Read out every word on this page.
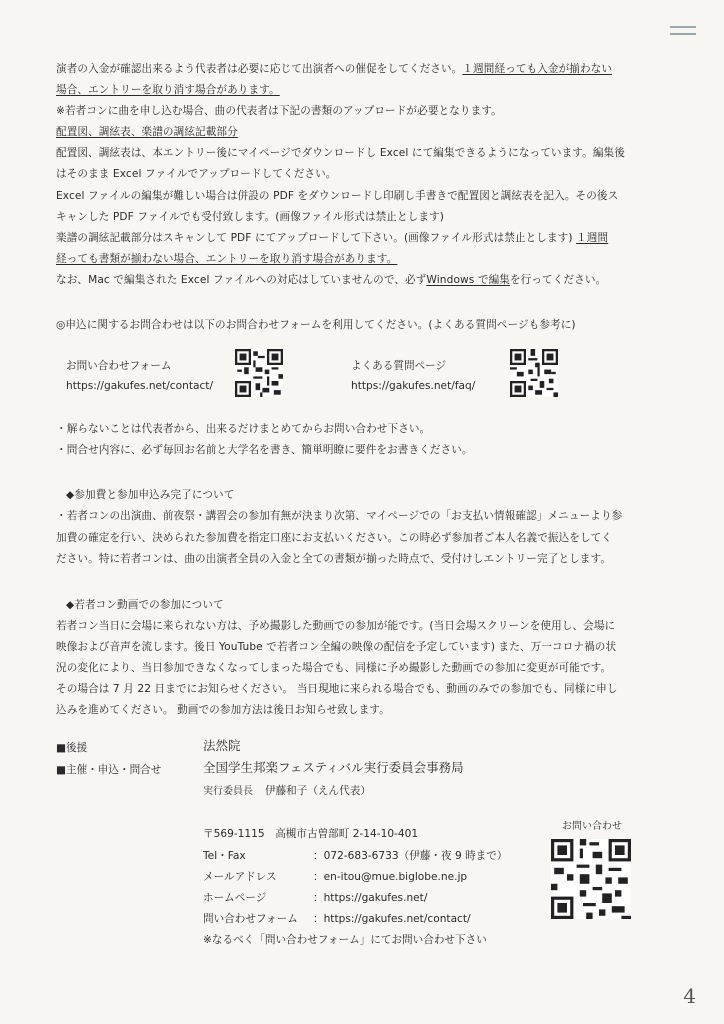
演者の入金が確認出来るよう代表者は必要に応じて出演者への催促をしてください。１週間経っても入金が揃わない
場合、エントリーを取り消す場合があります。
※若者コンに曲を申し込む場合、曲の代表者は下記の書類のアップロードが必要となります。
配置図、調絃表、楽譜の調絃記載部分
配置図、調絃表は、本エントリー後にマイページでダウンロードし Excel にて編集できるようになっています。編集後
はそのまま Excel ファイルでアップロードしてください。
Excel ファイルの編集が難しい場合は併設の PDF をダウンロードし印刷し手書きで配置図と調絃表を記入。その後ス
キャンした PDF ファイルでも受付致します。(画像ファイル形式は禁止とします)
楽譜の調絃記載部分はスキャンして PDF にてアップロードして下さい。(画像ファイル形式は禁止とします) １週間
経っても書類が揃わない場合、エントリーを取り消す場合があります。
なお、Mac で編集された Excel ファイルへの対応はしていませんので、必ずWindows で編集を行ってください。
◎申込に関するお問合わせは以下のお問合わせフォームを利用してください。(よくある質問ページも参考に)
お問い合わせフォーム
https://gakufes.net/contact/
よくある質問ページ
https://gakufes.net/faq/
・解らないことは代表者から、出来るだけまとめてからお問い合わせ下さい。
・問合せ内容に、必ず毎回お名前と大学名を書き、簡単明瞭に要件をお書きください。
◆参加費と参加申込み完了について
・若者コンの出演曲、前夜祭・講習会の参加有無が決まり次第、マイページでの「お支払い情報確認」メニューより参
加費の確定を行い、決められた参加費を指定口座にお支払いください。この時必ず参加者ご本人名義で振込をしてく
ださい。特に若者コンは、曲の出演者全員の入金と全ての書類が揃った時点で、受付けしエントリー完了とします。
◆若者コン動画での参加について
若者コン当日に会場に来られない方は、予め撮影した動画での参加が能です。(当日会場スクリーンを使用し、会場に
映像および音声を流します。後日 YouTube で若者コン全編の映像の配信を予定しています) また、万一コロナ禍の状
況の変化により、当日参加できなくなってしまった場合でも、同様に予め撮影した動画での参加に変更が可能です。
その場合は 7 月 22 日までにお知らせください。 当日現地に来られる場合でも、動画のみでの参加でも、同様に申し
込みを進めてください。 動画での参加方法は後日お知らせ致します。
■後援	法然院
■主催・申込・問合せ	全国学生邦楽フェスティバル実行委員会事務局
実行委員長 伊藤和子（えん代表）
お問い合わせ
〒569-1115　高槻市古曽部町 2-14-10-401
Tel・Fax	：072-683-6733（伊藤・夜 9 時まで）
メールアドレス	：en-itou@mue.biglobe.ne.jp
ホームページ	：https://gakufes.net/
問い合わせフォーム ：https://gakufes.net/contact/
※なるべく「問い合わせフォーム」にてお問い合わせ下さい
4
